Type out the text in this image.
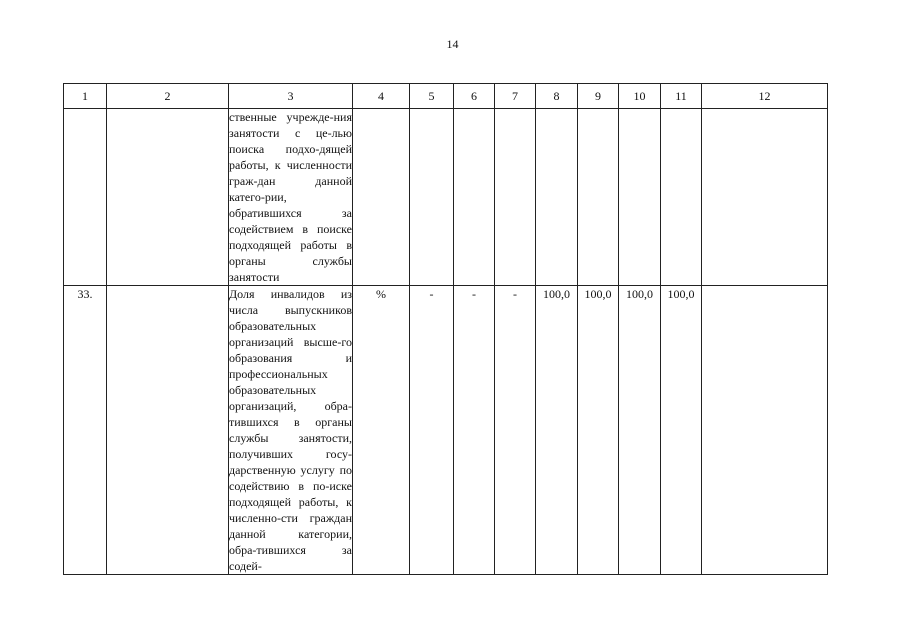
14
1	2	3	4	5	6	7	8	9	10	11	12
		ственные учрежде-ния занятости с це-лью поиска подхо-дящей работы, к численности граж-дан данной катего-рии, обратившихся за содействием в поиске подходящей работы в органы службы занятости									
33.		Доля инвалидов из числа выпускников образовательных организаций высше-го образования и профессиональных образовательных организаций, обра-тившихся в органы службы занятости, получивших госу-дарственную услугу по содействию в по-иске подходящей работы, к численно-сти граждан данной категории, обра-тившихся за содей-	%	-	-	-	100,0	100,0	100,0	100,0	
